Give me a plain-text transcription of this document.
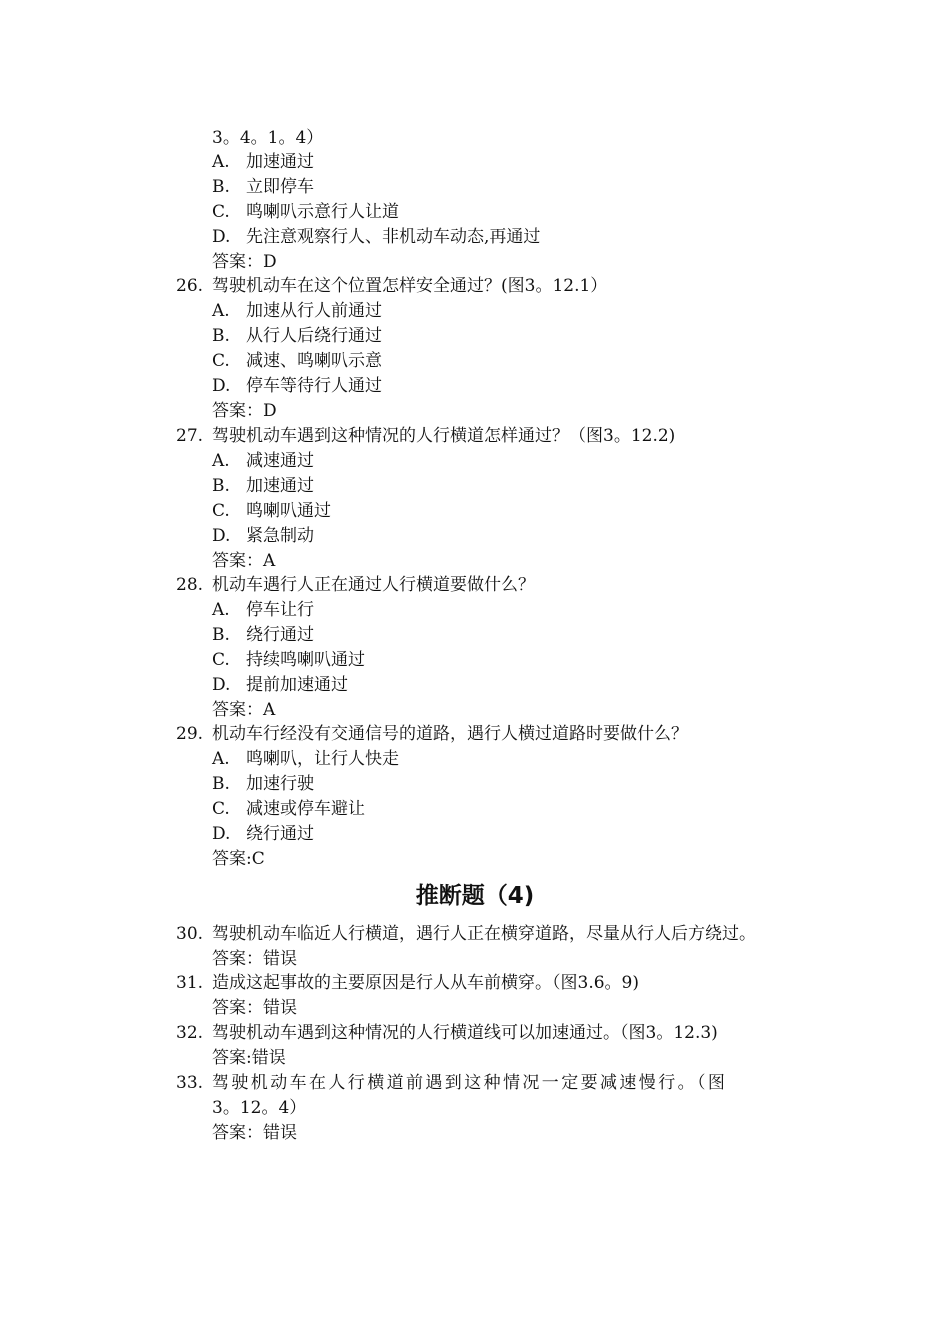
3。4。1。4）
A. 加速通过
B. 立即停车
C. 鸣喇叭示意行人让道
D. 先注意观察行人、非机动车动态,再通过
答案：D
26. 驾驶机动车在这个位置怎样安全通过？(图3。12.1）
A. 加速从行人前通过
B. 从行人后绕行通过
C. 减速、鸣喇叭示意
D. 停车等待行人通过
答案：D
27. 驾驶机动车遇到这种情况的人行横道怎样通过？（图3。12.2)
A. 减速通过
B. 加速通过
C. 鸣喇叭通过
D. 紧急制动
答案：A
28. 机动车遇行人正在通过人行横道要做什么？
A. 停车让行
B. 绕行通过
C. 持续鸣喇叭通过
D. 提前加速通过
答案：A
29. 机动车行经没有交通信号的道路，遇行人横过道路时要做什么？
A. 鸣喇叭，让行人快走
B. 加速行驶
C. 减速或停车避让
D. 绕行通过
答案:C
推断题（4)
30. 驾驶机动车临近人行横道，遇行人正在横穿道路，尽量从行人后方绕过。
答案：错误
31. 造成这起事故的主要原因是行人从车前横穿。（图3.6。9)
答案：错误
32. 驾驶机动车遇到这种情况的人行横道线可以加速通过。（图3。12.3)
答案:错误
33. 驾驶机动车在人行横道前遇到这种情况一定要减速慢行。（图
3。12。4）
答案：错误
